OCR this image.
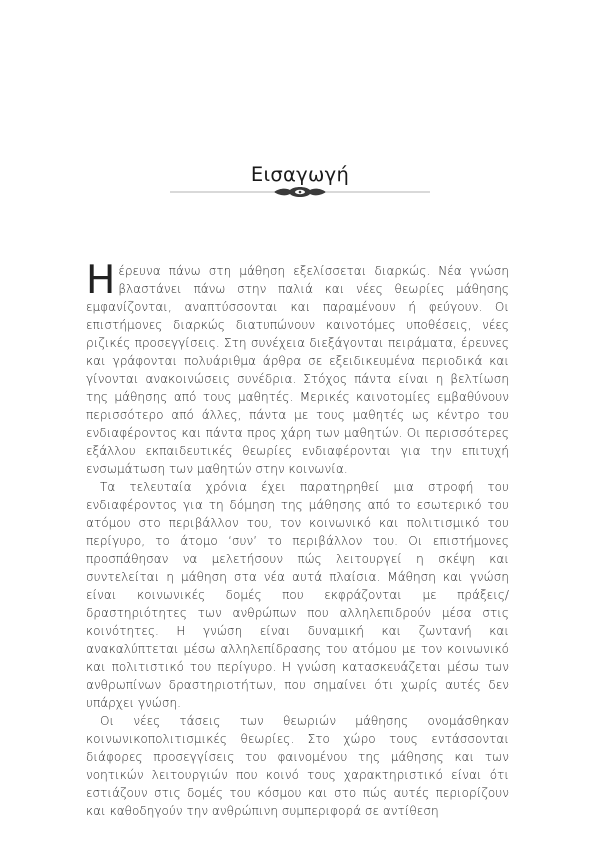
Εισαγωγή

Ηέρευνα πάνω στη μάθηση εξελίσσεται διαρκώς. Νέα γνώση βλαστάνει πάνω στην παλιά και νέες θεωρίες μάθησης εμφανίζονται, αναπτύσσονται και παραμένουν ή φεύγουν. Οι επιστήμονες διαρκώς διατυπώνουν καινοτόμες υποθέσεις, νέες ριζικές προσεγγίσεις. Στη συνέχεια διεξάγονται πειράματα, έρευνες και γράφονται πολυάριθμα άρθρα σε εξειδικευμένα περιοδικά και γίνονται ανακοινώσεις συνέδρια. Στόχος πάντα είναι η βελτίωση της μάθησης από τους μαθητές. Μερικές καινοτομίες εμβαθύνουν περισσότερο από άλλες, πάντα με τους μαθητές ως κέντρο του ενδιαφέροντος και πάντα προς χάρη των μαθητών. Οι περισσότερες εξάλλου εκπαιδευτικές θεωρίες ενδιαφέρονται για την επιτυχή ενσωμάτωση των μαθητών στην κοινωνία.

Τα τελευταία χρόνια έχει παρατηρηθεί μια στροφή του ενδιαφέροντος για τη δόμηση της μάθησης από το εσωτερικό του ατόμου στο περιβάλλον του, τον κοινωνικό και πολιτισμικό του περίγυρο, το άτομο ‘συν’ το περιβάλλον του. Οι επιστήμονες προσπάθησαν να μελετήσουν πώς λειτουργεί η σκέψη και συντελείται η μάθηση στα νέα αυτά πλαίσια. Μάθηση και γνώση είναι κοινωνικές δομές που εκφράζονται με πράξεις/δραστηριότητες των ανθρώπων που αλληλεπιδρούν μέσα στις κοινότητες. Η γνώση είναι δυναμική και ζωντανή και ανακαλύπτεται μέσω αλληλεπίδρασης του ατόμου με τον κοινωνικό και πολιτιστικό του περίγυρο. Η γνώση κατασκευάζεται μέσω των ανθρωπίνων δραστηριοτήτων, που σημαίνει ότι χωρίς αυτές δεν υπάρχει γνώση.

Οι νέες τάσεις των θεωριών μάθησης ονομάσθηκαν κοινωνικοπολιτισμικές θεωρίες. Στο χώρο τους εντάσσονται διάφορες προσεγγίσεις του φαινομένου της μάθησης και των νοητικών λειτουργιών που κοινό τους χαρακτηριστικό είναι ότι εστιάζουν στις δομές του κόσμου και στο πώς αυτές περιορίζουν και καθοδηγούν την ανθρώπινη συμπεριφορά σε αντίθεση
